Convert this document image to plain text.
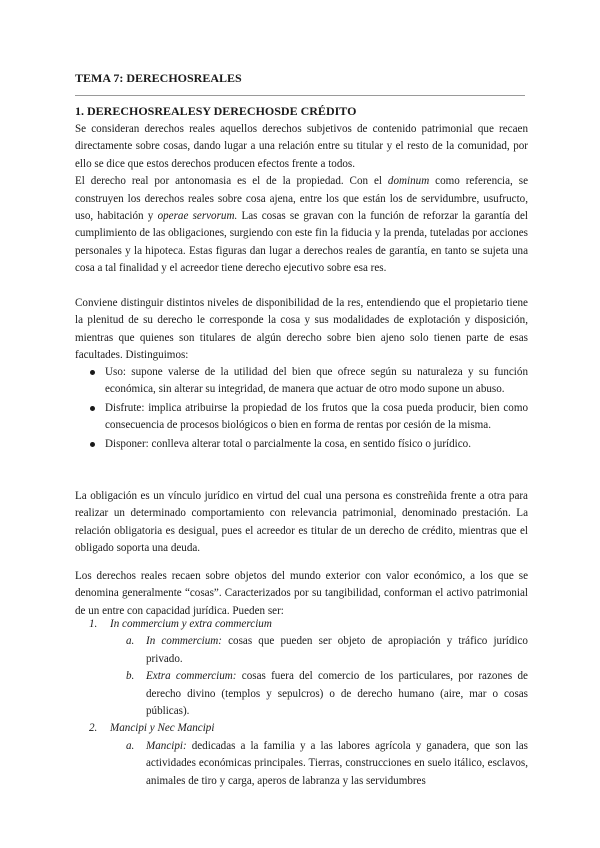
TEMA 7: DERECHOSREALES
1. DERECHOSREALESY DERECHOSDE CRÉDITO

Se consideran derechos reales aquellos derechos subjetivos de contenido patrimonial que recaen directamente sobre cosas, dando lugar a una relación entre su titular y el resto de la comunidad, por ello se dice que estos derechos producen efectos frente a todos.

El derecho real por antonomasia es el de la propiedad. Con el dominum como referencia, se construyen los derechos reales sobre cosa ajena, entre los que están los de servidumbre, usufructo, uso, habitación y operae servorum. Las cosas se gravan con la función de reforzar la garantía del cumplimiento de las obligaciones, surgiendo con este fin la fiducia y la prenda, tuteladas por acciones personales y la hipoteca. Estas figuras dan lugar a derechos reales de garantía, en tanto se sujeta una cosa a tal finalidad y el acreedor tiene derecho ejecutivo sobre esa res.

Conviene distinguir distintos niveles de disponibilidad de la res, entendiendo que el propietario tiene la plenitud de su derecho le corresponde la cosa y sus modalidades de explotación y disposición, mientras que quienes son titulares de algún derecho sobre bien ajeno solo tienen parte de esas facultades. Distinguimos:

Uso: supone valerse de la utilidad del bien que ofrece según su naturaleza y su función económica, sin alterar su integridad, de manera que actuar de otro modo supone un abuso.
Disfrute: implica atribuirse la propiedad de los frutos que la cosa pueda producir, bien como consecuencia de procesos biológicos o bien en forma de rentas por cesión de la misma.
Disponer: conlleva alterar total o parcialmente la cosa, en sentido físico o jurídico.

La obligación es un vínculo jurídico en virtud del cual una persona es constreñida frente a otra para realizar un determinado comportamiento con relevancia patrimonial, denominado prestación. La relación obligatoria es desigual, pues el acreedor es titular de un derecho de crédito, mientras que el obligado soporta una deuda.

Los derechos reales recaen sobre objetos del mundo exterior con valor económico, a los que se denomina generalmente “cosas”. Caracterizados por su tangibilidad, conforman el activo patrimonial de un entre con capacidad jurídica. Pueden ser:

1.	In commercium y extra commercium
a. In commercium: cosas que pueden ser objeto de apropiación y tráfico jurídico privado.
b. Extra commercium: cosas fuera del comercio de los particulares, por razones de derecho divino (templos y sepulcros) o de derecho humano (aire, mar o cosas públicas).
2.	Mancipi y Nec Mancipi
a. Mancipi: dedicadas a la familia y a las labores agrícola y ganadera, que son las actividades económicas principales. Tierras, construcciones en suelo itálico, esclavos, animales de tiro y carga, aperos de labranza y las servidumbres
